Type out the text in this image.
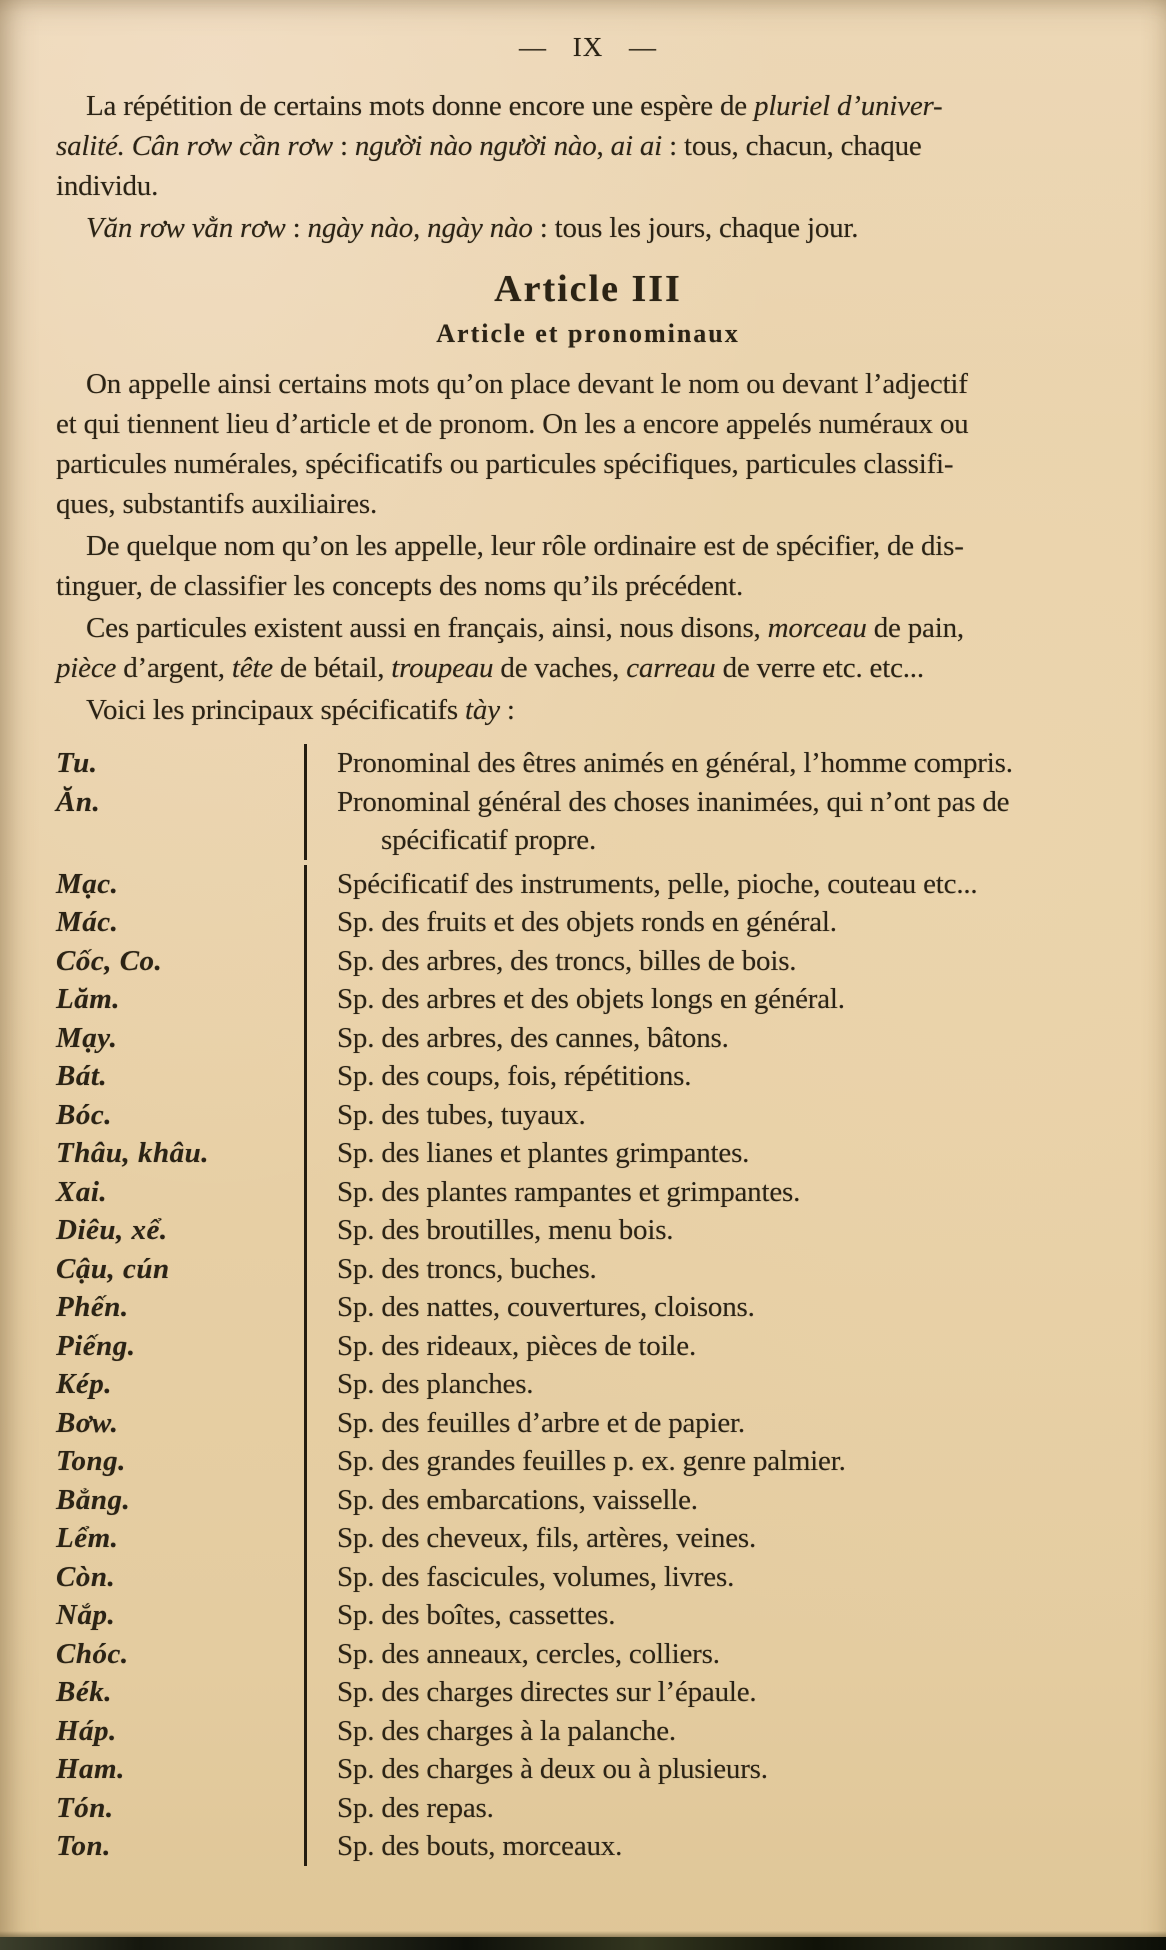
— IX —
La répétition de certains mots donne encore une espère de pluriel d’univer-
salité. Cân rơw cần rơw : người nào người nào, ai ai : tous, chacun, chaque
individu.
Văn rơw vằn rơw : ngày nào, ngày nào : tous les jours, chaque jour.
Article III
Article et pronominaux
On appelle ainsi certains mots qu’on place devant le nom ou devant l’adjectif
et qui tiennent lieu d’article et de pronom. On les a encore appelés numéraux ou
particules numérales, spécificatifs ou particules spécifiques, particules classifi-
ques, substantifs auxiliaires.
De quelque nom qu’on les appelle, leur rôle ordinaire est de spécifier, de dis-
tinguer, de classifier les concepts des noms qu’ils précédent.
Ces particules existent aussi en français, ainsi, nous disons, morceau de pain,
pièce d’argent, tête de bétail, troupeau de vaches, carreau de verre etc. etc...
Voici les principaux spécificatifs tày :
Tu.	Pronominal des êtres animés en général, l’homme compris.
Ăn.	Pronominal général des choses inanimées, qui n’ont pas de
spécificatif propre.
Mạc.	Spécificatif des instruments, pelle, pioche, couteau etc...
Mác.	Sp. des fruits et des objets ronds en général.
Cốc, Co.	Sp. des arbres, des troncs, billes de bois.
Lăm.	Sp. des arbres et des objets longs en général.
Mạy.	Sp. des arbres, des cannes, bâtons.
Bát.	Sp. des coups, fois, répétitions.
Bóc.	Sp. des tubes, tuyaux.
Thâu, khâu.	Sp. des lianes et plantes grimpantes.
Xai.	Sp. des plantes rampantes et grimpantes.
Diêu, xể.	Sp. des broutilles, menu bois.
Cậu, cún	Sp. des troncs, buches.
Phến.	Sp. des nattes, couvertures, cloisons.
Piếng.	Sp. des rideaux, pièces de toile.
Kép.	Sp. des planches.
Bơw.	Sp. des feuilles d’arbre et de papier.
Tong.	Sp. des grandes feuilles p. ex. genre palmier.
Bẳng.	Sp. des embarcations, vaisselle.
Lểm.	Sp. des cheveux, fils, artères, veines.
Còn.	Sp. des fascicules, volumes, livres.
Nắp.	Sp. des boîtes, cassettes.
Chóc.	Sp. des anneaux, cercles, colliers.
Bék.	Sp. des charges directes sur l’épaule.
Háp.	Sp. des charges à la palanche.
Ham.	Sp. des charges à deux ou à plusieurs.
Tón.	Sp. des repas.
Ton.	Sp. des bouts, morceaux.
